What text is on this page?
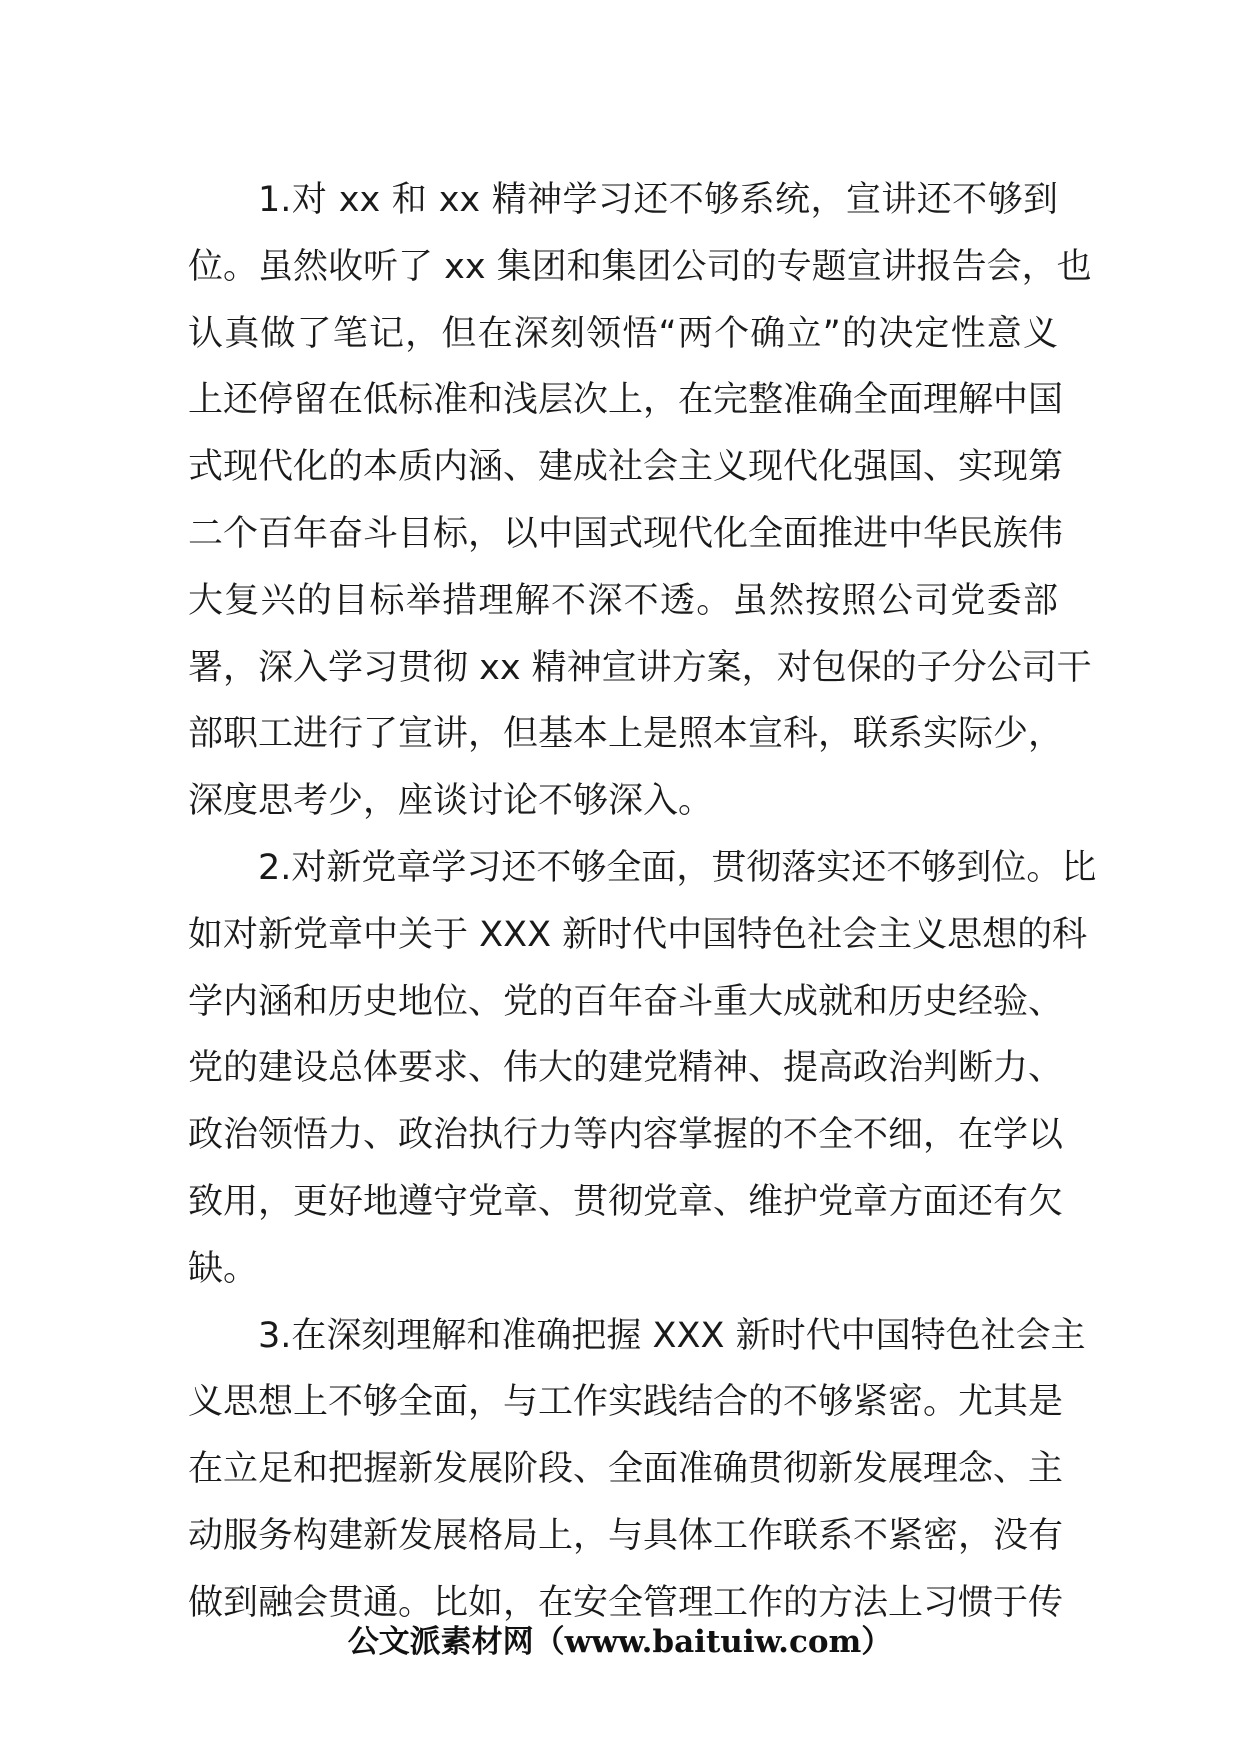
1.对 xx 和 xx 精神学习还不够系统，宣讲还不够到
位。虽然收听了 xx 集团和集团公司的专题宣讲报告会，也
认真做了笔记，但在深刻领悟“两个确立”的决定性意义
上还停留在低标准和浅层次上，在完整准确全面理解中国
式现代化的本质内涵、建成社会主义现代化强国、实现第
二个百年奋斗目标，以中国式现代化全面推进中华民族伟
大复兴的目标举措理解不深不透。虽然按照公司党委部
署，深入学习贯彻 xx 精神宣讲方案，对包保的子分公司干
部职工进行了宣讲，但基本上是照本宣科，联系实际少，
深度思考少，座谈讨论不够深入。

2.对新党章学习还不够全面，贯彻落实还不够到位。比
如对新党章中关于 XXX 新时代中国特色社会主义思想的科
学内涵和历史地位、党的百年奋斗重大成就和历史经验、
党的建设总体要求、伟大的建党精神、提高政治判断力、
政治领悟力、政治执行力等内容掌握的不全不细，在学以
致用，更好地遵守党章、贯彻党章、维护党章方面还有欠
缺。

3.在深刻理解和准确把握 XXX 新时代中国特色社会主
义思想上不够全面，与工作实践结合的不够紧密。尤其是
在立足和把握新发展阶段、全面准确贯彻新发展理念、主
动服务构建新发展格局上，与具体工作联系不紧密，没有
做到融会贯通。比如，在安全管理工作的方法上习惯于传

公文派素材网（www.baituiw.com）
